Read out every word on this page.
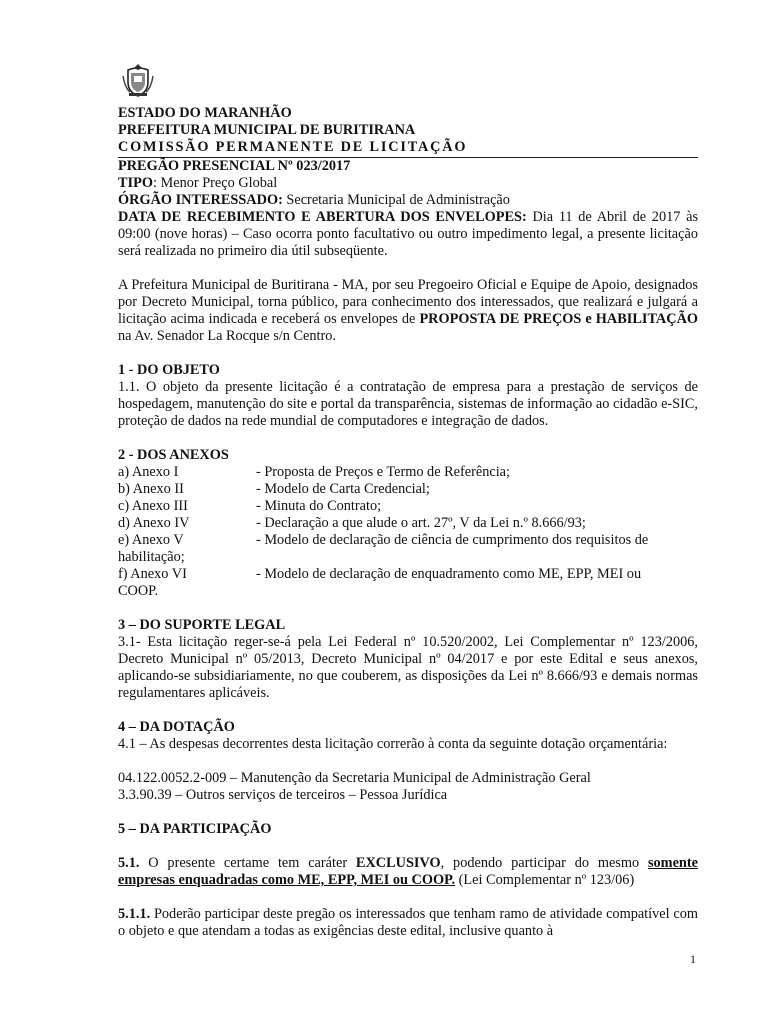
ESTADO DO MARANHÃO
PREFEITURA MUNICIPAL DE BURITIRANA
COMISSÃO PERMANENTE DE LICITAÇÃO
PREGÃO PRESENCIAL Nº 023/2017

TIPO: Menor Preço Global

ÓRGÃO INTERESSADO: Secretaria Municipal de Administração

DATA DE RECEBIMENTO E ABERTURA DOS ENVELOPES: Dia 11 de Abril de 2017 às 09:00 (nove horas) – Caso ocorra ponto facultativo ou outro impedimento legal, a presente licitação será realizada no primeiro dia útil subseqüente.

A Prefeitura Municipal de Buritirana - MA, por seu Pregoeiro Oficial e Equipe de Apoio, designados por Decreto Municipal, torna público, para conhecimento dos interessados, que realizará e julgará a licitação acima indicada e receberá os envelopes de PROPOSTA DE PREÇOS e HABILITAÇÃO na Av. Senador La Rocque s/n Centro.

1 - DO OBJETO

1.1. O objeto da presente licitação é a contratação de empresa para a prestação de serviços de hospedagem, manutenção do site e portal da transparência, sistemas de informação ao cidadão e-SIC, proteção de dados na rede mundial de computadores e integração de dados.

2 - DOS ANEXOS
a) Anexo I	- Proposta de Preços e Termo de Referência;
b) Anexo II	- Modelo de Carta Credencial;
c) Anexo III	- Minuta do Contrato;
d) Anexo IV	- Declaração a que alude o art. 27º, V da Lei n.º 8.666/93;
e) Anexo V	- Modelo de declaração de ciência de cumprimento dos requisitos de
habilitação;
f) Anexo VI	- Modelo de declaração de enquadramento como ME, EPP, MEI ou
COOP.
3 – DO SUPORTE LEGAL

3.1- Esta licitação reger-se-á pela Lei Federal nº 10.520/2002, Lei Complementar nº 123/2006, Decreto Municipal nº 05/2013, Decreto Municipal nº 04/2017 e por este Edital e seus anexos, aplicando-se subsidiariamente, no que couberem, as disposições da Lei nº 8.666/93 e demais normas regulamentares aplicáveis.

4 – DA DOTAÇÃO

4.1 – As despesas decorrentes desta licitação correrão à conta da seguinte dotação orçamentária:

04.122.0052.2-009 – Manutenção da Secretaria Municipal de Administração Geral
3.3.90.39 – Outros serviços de terceiros – Pessoa Jurídica
5 – DA PARTICIPAÇÃO

5.1. O presente certame tem caráter EXCLUSIVO, podendo participar do mesmo somente empresas enquadradas como ME, EPP, MEI ou COOP. (Lei Complementar nº 123/06)

5.1.1. Poderão participar deste pregão os interessados que tenham ramo de atividade compatível com o objeto e que atendam a todas as exigências deste edital, inclusive quanto à

1
